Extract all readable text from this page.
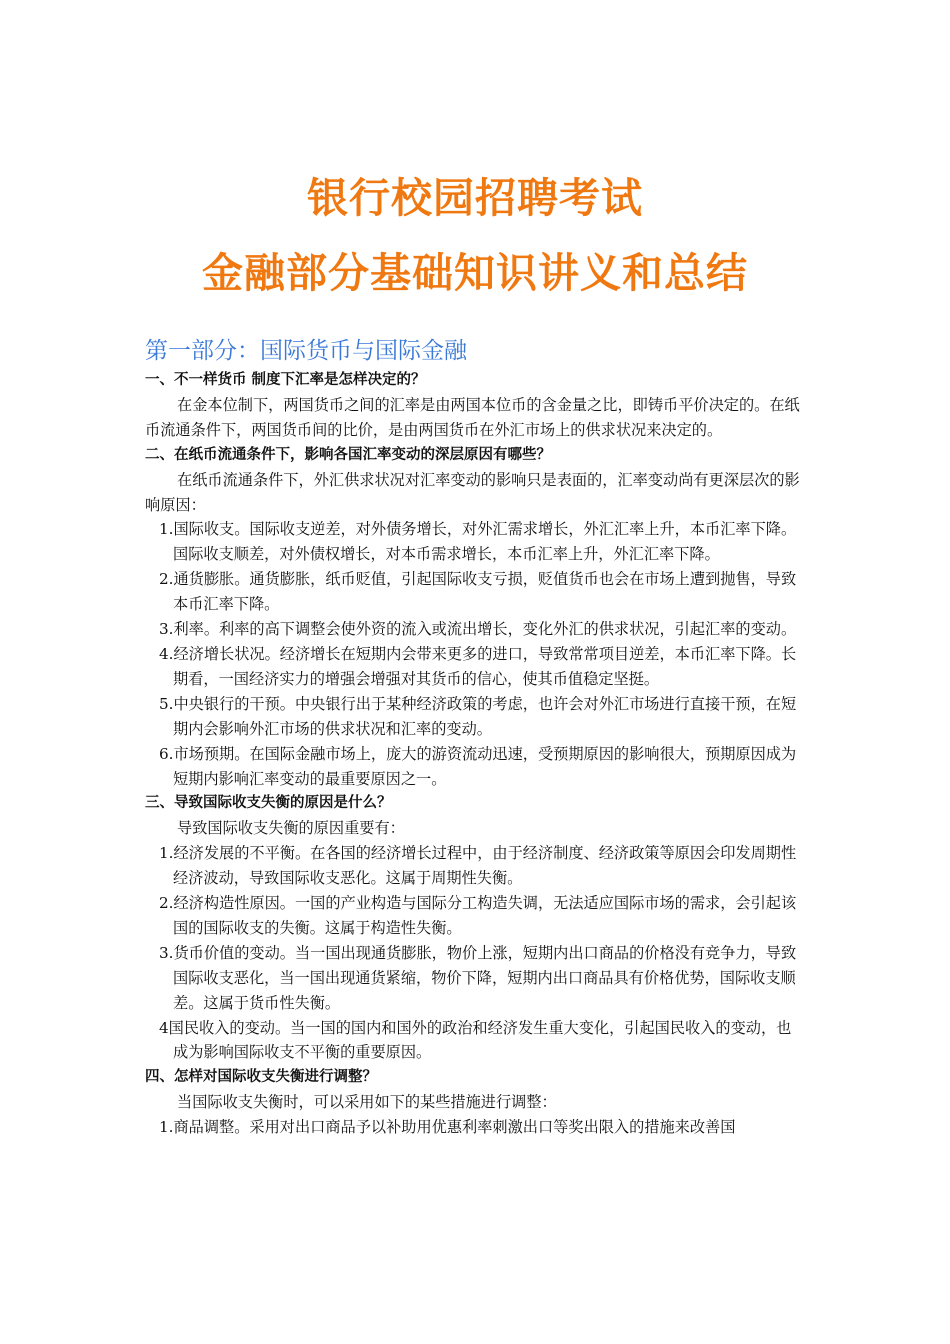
银行校园招聘考试
金融部分基础知识讲义和总结
第一部分：国际货币与国际金融
一、不一样货币 制度下汇率是怎样决定的？

在金本位制下，两国货币之间的汇率是由两国本位币的含金量之比，即铸币平价决定的。在纸币流通条件下，两国货币间的比价，是由两国货币在外汇市场上的供求状况来决定的。

二、在纸币流通条件下，影响各国汇率变动的深层原因有哪些？

在纸币流通条件下，外汇供求状况对汇率变动的影响只是表面的，汇率变动尚有更深层次的影响原因：

1.国际收支。国际收支逆差，对外债务增长，对外汇需求增长，外汇汇率上升，本币汇率下降。国际收支顺差，对外债权增长，对本币需求增长，本币汇率上升，外汇汇率下降。

2.通货膨胀。通货膨胀，纸币贬值，引起国际收支亏损，贬值货币也会在市场上遭到抛售，导致本币汇率下降。

3.利率。利率的高下调整会使外资的流入或流出增长，变化外汇的供求状况，引起汇率的变动。

4.经济增长状况。经济增长在短期内会带来更多的进口，导致常常项目逆差，本币汇率下降。长期看，一国经济实力的增强会增强对其货币的信心，使其币值稳定坚挺。

5.中央银行的干预。中央银行出于某种经济政策的考虑，也许会对外汇市场进行直接干预，在短期内会影响外汇市场的供求状况和汇率的变动。

6.市场预期。在国际金融市场上，庞大的游资流动迅速，受预期原因的影响很大，预期原因成为短期内影响汇率变动的最重要原因之一。

三、导致国际收支失衡的原因是什么？

导致国际收支失衡的原因重要有：

1.经济发展的不平衡。在各国的经济增长过程中，由于经济制度、经济政策等原因会印发周期性经济波动，导致国际收支恶化。这属于周期性失衡。

2.经济构造性原因。一国的产业构造与国际分工构造失调，无法适应国际市场的需求，会引起该国的国际收支的失衡。这属于构造性失衡。

3.货币价值的变动。当一国出现通货膨胀，物价上涨，短期内出口商品的价格没有竞争力，导致国际收支恶化，当一国出现通货紧缩，物价下降，短期内出口商品具有价格优势，国际收支顺差。这属于货币性失衡。

4国民收入的变动。当一国的国内和国外的政治和经济发生重大变化，引起国民收入的变动，也成为影响国际收支不平衡的重要原因。

四、怎样对国际收支失衡进行调整？

当国际收支失衡时，可以采用如下的某些措施进行调整：

1.商品调整。采用对出口商品予以补助用优惠利率刺激出口等奖出限入的措施来改善国
